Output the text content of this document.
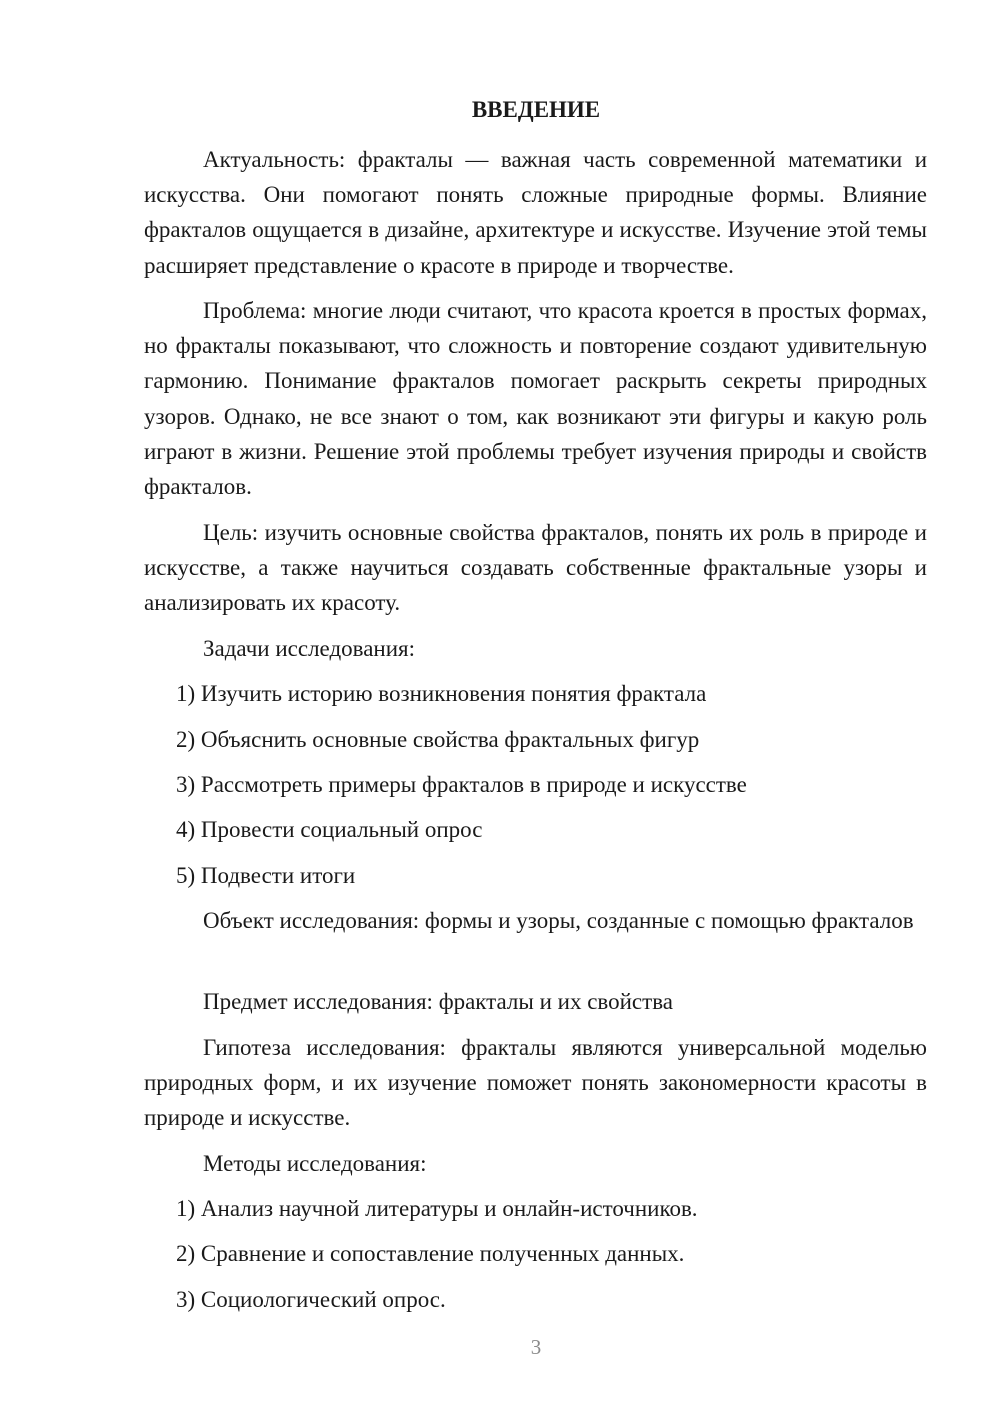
ВВЕДЕНИЕ

Актуальность: фракталы — важная часть современной математики и искусства. Они помогают понять сложные природные формы. Влияние фракталов ощущается в дизайне, архитектуре и искусстве. Изучение этой темы расширяет представление о красоте в природе и творчестве.

Проблема: многие люди считают, что красота кроется в простых формах, но фракталы показывают, что сложность и повторение создают удивительную гармонию. Понимание фракталов помогает раскрыть секреты природных узоров. Однако, не все знают о том, как возникают эти фигуры и какую роль играют в жизни. Решение этой проблемы требует изучения природы и свойств фракталов.

Цель: изучить основные свойства фракталов, понять их роль в природе и искусстве, а также научиться создавать собственные фрактальные узоры и анализировать их красоту.

Задачи исследования:

1) Изучить историю возникновения понятия фрактала

2) Объяснить основные свойства фрактальных фигур

3) Рассмотреть примеры фракталов в природе и искусстве

4) Провести социальный опрос

5) Подвести итоги

Объект исследования: формы и узоры, созданные с помощью фракталов

Предмет исследования: фракталы и их свойства

Гипотеза исследования: фракталы являются универсальной моделью природных форм, и их изучение поможет понять закономерности красоты в природе и искусстве.

Методы исследования:

1) Анализ научной литературы и онлайн-источников.

2) Сравнение и сопоставление полученных данных.

3) Социологический опрос.

3
